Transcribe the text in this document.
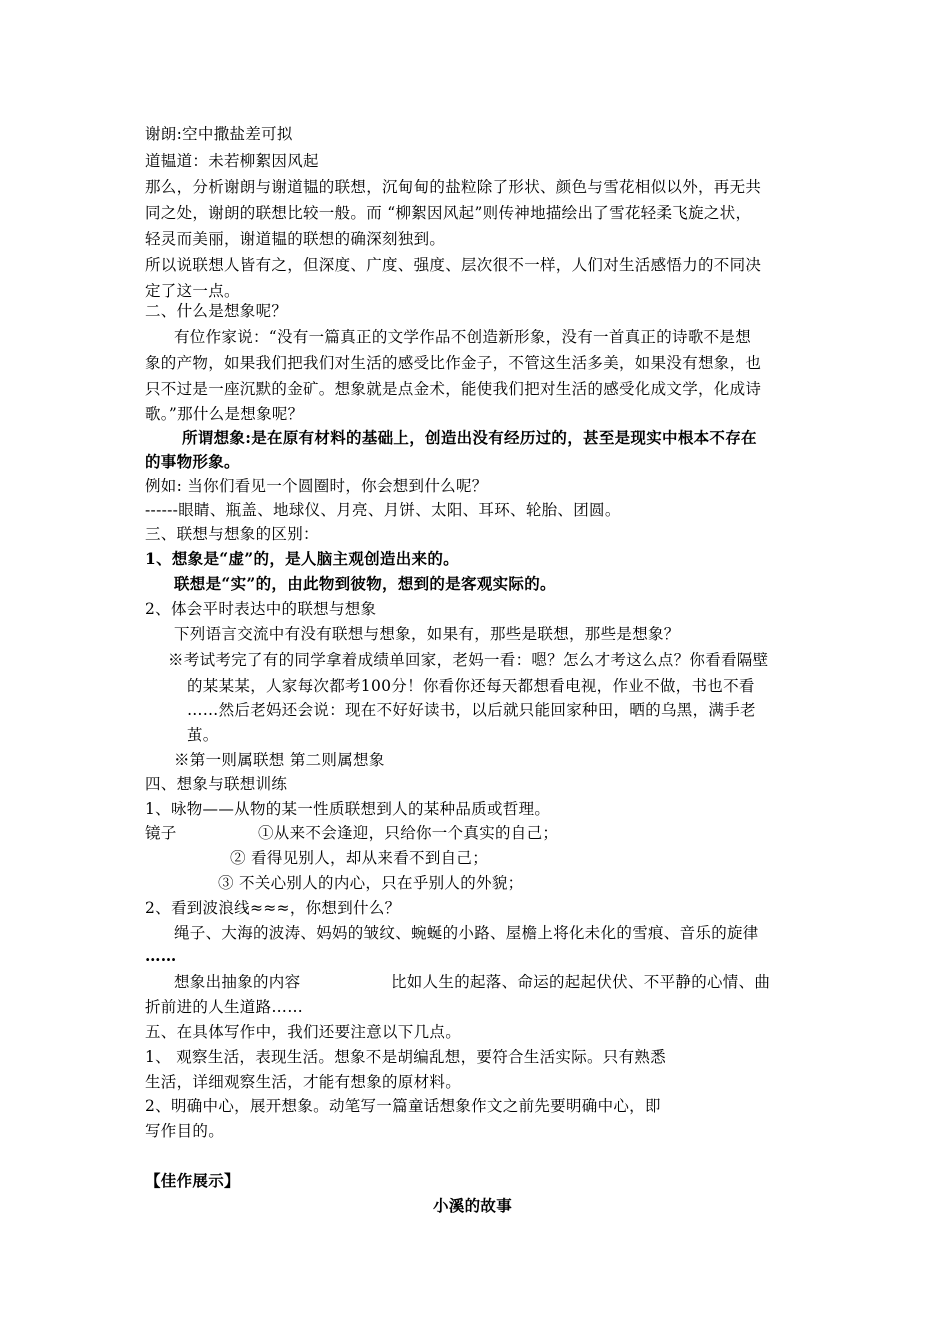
谢朗:空中撒盐差可拟
道韫道：未若柳絮因风起
那么，分析谢朗与谢道韫的联想，沉甸甸的盐粒除了形状、颜色与雪花相似以外，再无共
同之处，谢朗的联想比较一般。而 “柳絮因风起”则传神地描绘出了雪花轻柔飞旋之状，
轻灵而美丽，谢道韫的联想的确深刻独到。
所以说联想人皆有之，但深度、广度、强度、层次很不一样，人们对生活感悟力的不同决
定了这一点。
二、什么是想象呢？
有位作家说：“没有一篇真正的文学作品不创造新形象，没有一首真正的诗歌不是想
象的产物，如果我们把我们对生活的感受比作金子，不管这生活多美，如果没有想象，也
只不过是一座沉默的金矿。想象就是点金术，能使我们把对生活的感受化成文学，化成诗
歌。”那什么是想象呢？
所谓想象:是在原有材料的基础上，创造出没有经历过的，甚至是现实中根本不存在
的事物形象。
例如: 当你们看见一个圆圈时，你会想到什么呢？
------眼睛、瓶盖、地球仪、月亮、月饼、太阳、耳环、轮胎、团圆。
三、联想与想象的区别：
1、想象是“虚”的，是人脑主观创造出来的。
联想是“实”的，由此物到彼物，想到的是客观实际的。
2、体会平时表达中的联想与想象
下列语言交流中有没有联想与想象，如果有，那些是联想，那些是想象？
※考试考完了有的同学拿着成绩单回家，老妈一看：嗯？怎么才考这么点？你看看隔壁
的某某某，人家每次都考100分！你看你还每天都想看电视，作业不做，书也不看
……然后老妈还会说：现在不好好读书，以后就只能回家种田，晒的乌黑，满手老
茧。
※第一则属联想 第二则属想象
四、想象与联想训练
1、咏物——从物的某一性质联想到人的某种品质或哲理。
镜子	①从来不会逢迎，只给你一个真实的自己；
② 看得见别人，却从来看不到自己；
③ 不关心别人的内心，只在乎别人的外貌；
2、看到波浪线≈≈≈，你想到什么？
绳子、大海的波涛、妈妈的皱纹、蜿蜒的小路、屋檐上将化未化的雪痕、音乐的旋律
……
想象出抽象的内容	比如人生的起落、命运的起起伏伏、不平静的心情、曲
折前进的人生道路……
五、在具体写作中，我们还要注意以下几点。
1、 观察生活，表现生活。想象不是胡编乱想，要符合生活实际。只有熟悉
生活，详细观察生活，才能有想象的原材料。
2、明确中心，展开想象。动笔写一篇童话想象作文之前先要明确中心，即
写作目的。
【佳作展示】
小溪的故事
